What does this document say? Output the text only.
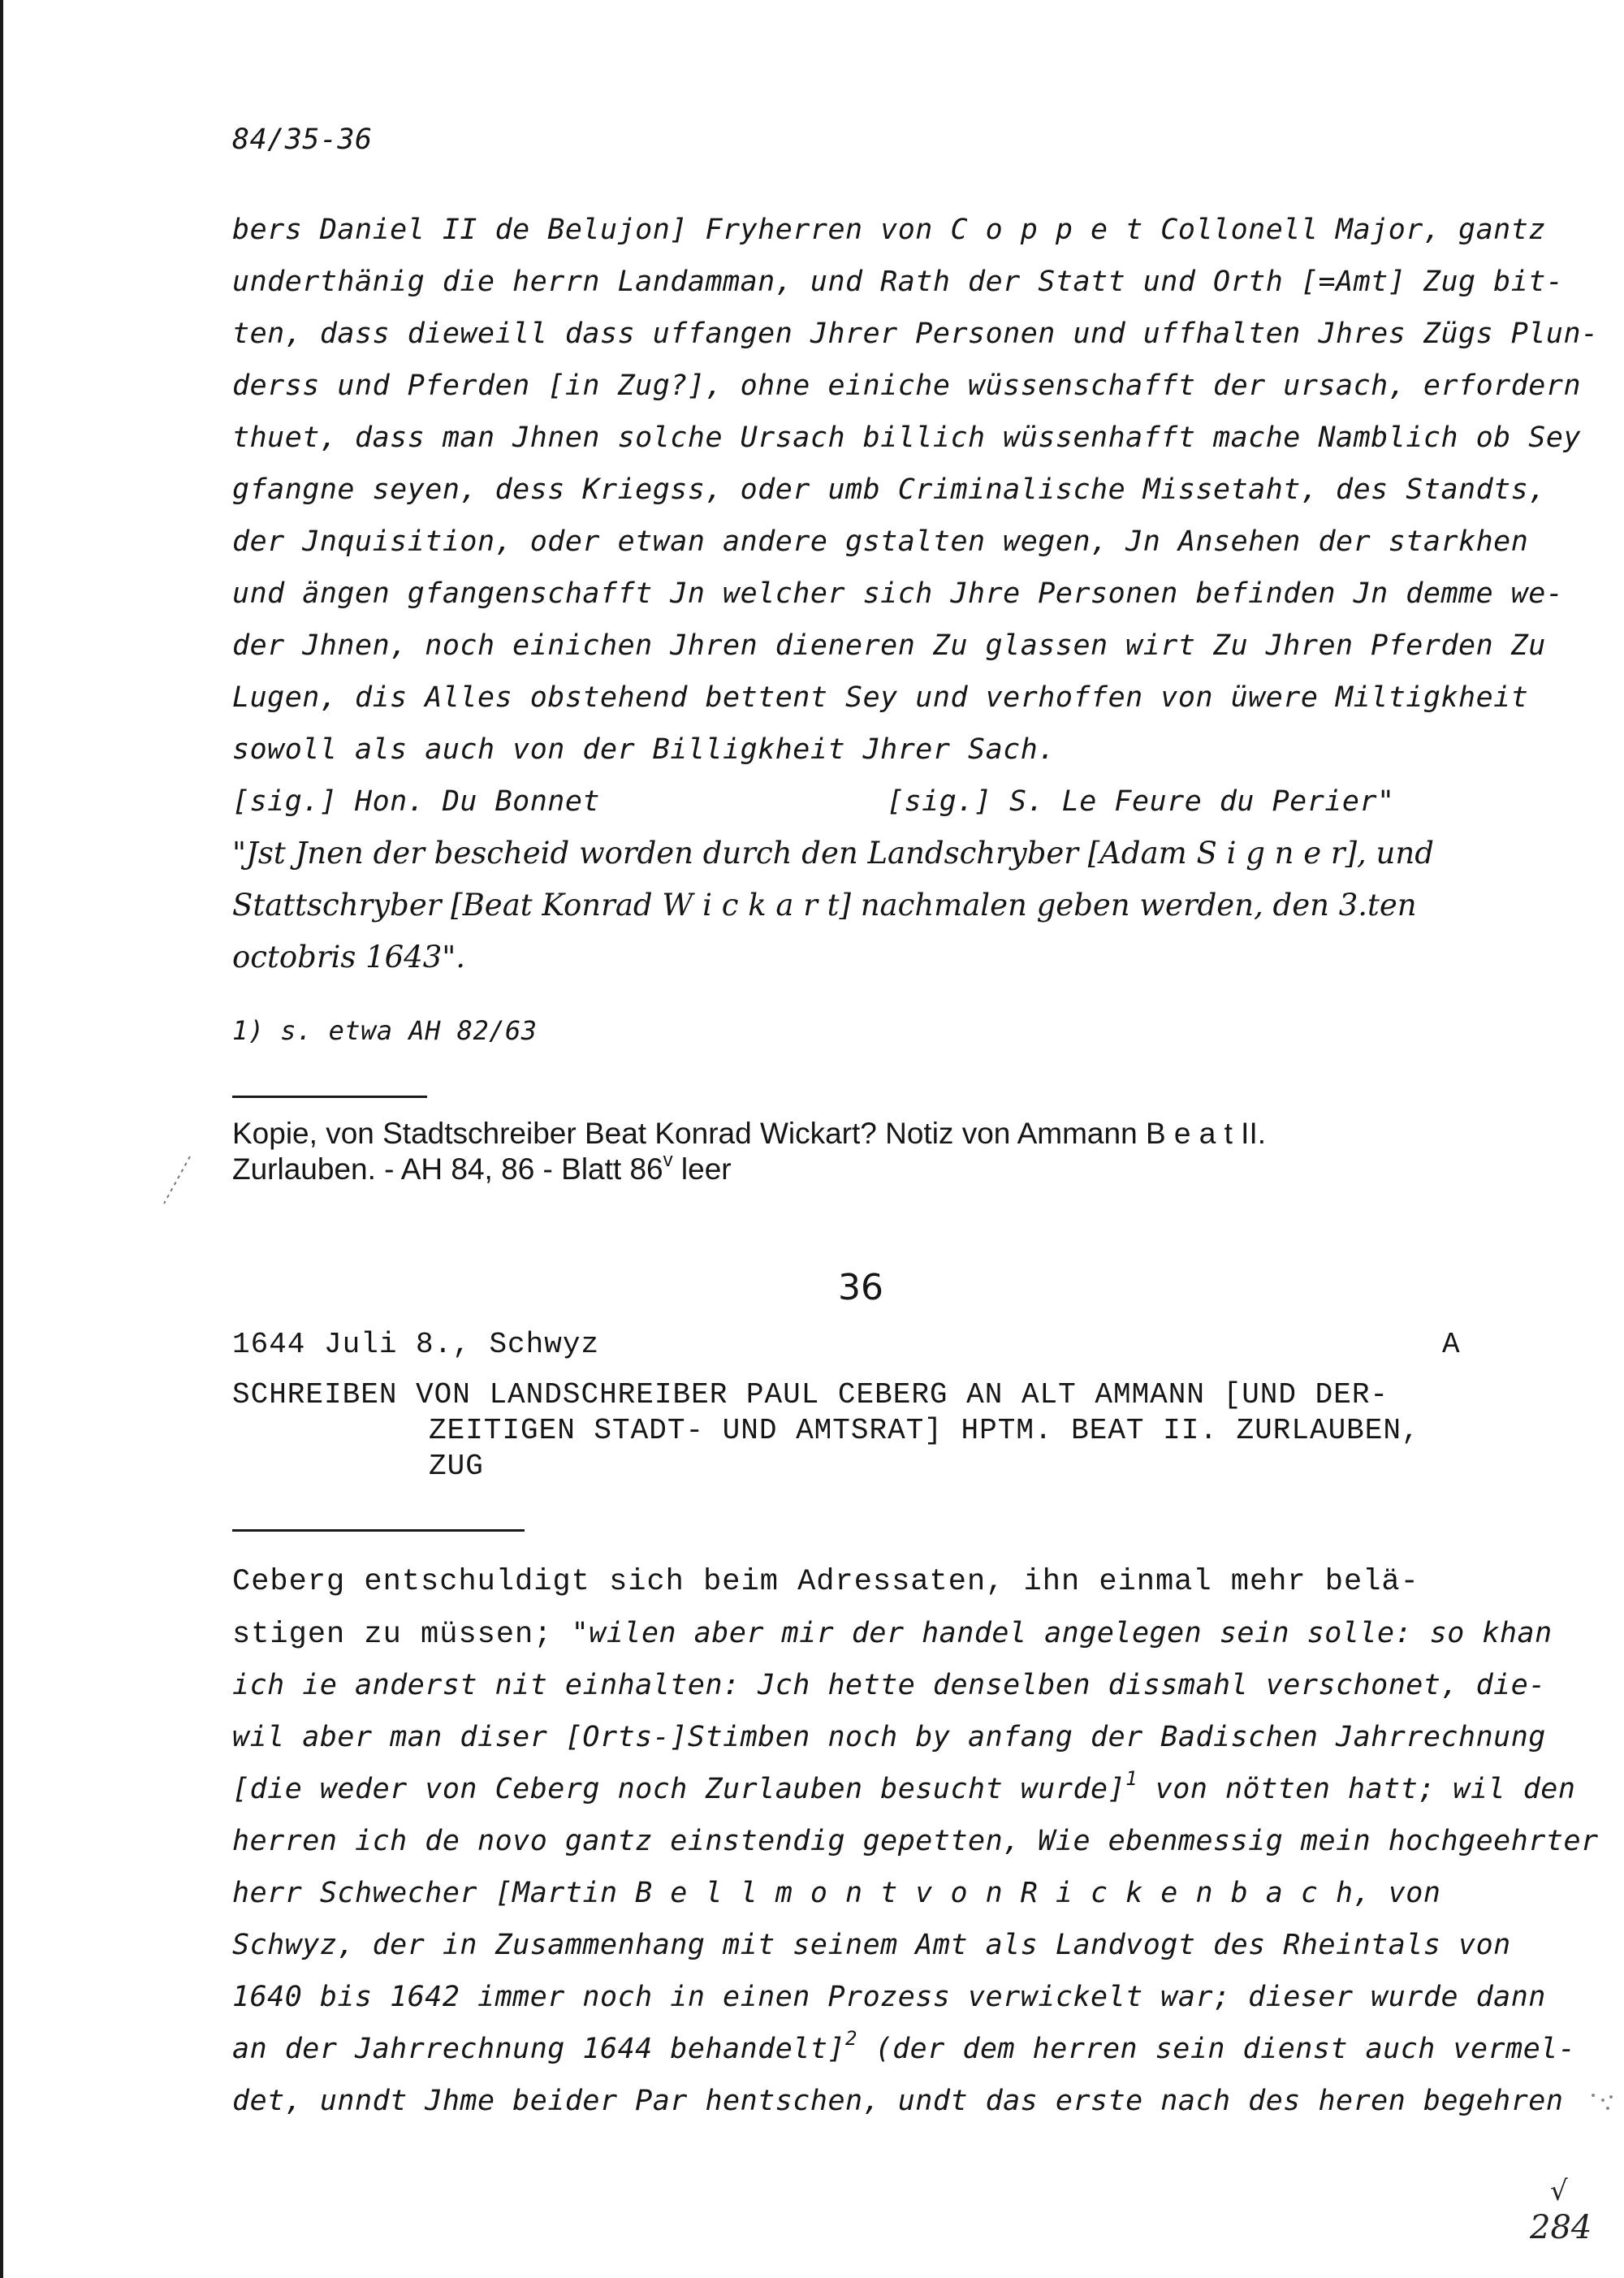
84/35-36
bers Daniel II de Belujon] Fryherren von C o p p e t Collonell Major, gantz
underthänig die herrn Landamman, und Rath der Statt und Orth [=Amt] Zug bit-
ten, dass dieweill dass uffangen Jhrer Personen und uffhalten Jhres Zügs Plun-
derss und Pferden [in Zug?], ohne einiche wüssenschafft der ursach, erfordern
thuet, dass man Jhnen solche Ursach billich wüssenhafft mache Namblich ob Sey
gfangne seyen, dess Kriegss, oder umb Criminalische Missetaht, des Standts,
der Jnquisition, oder etwan andere gstalten wegen, Jn Ansehen der starkhen
und ängen gfangenschafft Jn welcher sich Jhre Personen befinden Jn demme we-
der Jhnen, noch einichen Jhren dieneren Zu glassen wirt Zu Jhren Pferden Zu
Lugen, dis Alles obstehend bettent Sey und verhoffen von üwere Miltigkheit
sowoll als auch von der Billigkheit Jhrer Sach.
[sig.] Hon. Du Bonnet	[sig.] S. Le Feure du Perier"
"Jst Jnen der bescheid worden durch den Landschryber [Adam S i g n e r], und
Stattschryber [Beat Konrad W i c k a r t] nachmalen geben werden, den 3.ten
octobris 1643".
1) s. etwa AH 82/63
Kopie, von Stadtschreiber Beat Konrad Wickart? Notiz von Ammann B e a t II.
Zurlauben. - AH 84, 86 - Blatt 86$^v$ leer
36
1644 Juli 8., Schwyz	A
SCHREIBEN VON LANDSCHREIBER PAUL CEBERG AN ALT AMMANN [UND DER-
ZEITIGEN STADT- UND AMTSRAT] HPTM. BEAT II. ZURLAUBEN,
ZUG
Ceberg entschuldigt sich beim Adressaten, ihn einmal mehr belä-
stigen zu müssen; "wilen aber mir der handel angelegen sein solle: so khan
ich ie anderst nit einhalten: Jch hette denselben dissmahl verschonet, die-
wil aber man diser [Orts-]Stimben noch by anfang der Badischen Jahrrechnung
[die weder von Ceberg noch Zurlauben besucht wurde]$^1$ von nötten hatt; wil den
herren ich de novo gantz einstendig gepetten, Wie ebenmessig mein hochgeehrter
herr Schwecher [Martin B e l l m o n t v o n R i c k e n b a c h, von
Schwyz, der in Zusammenhang mit seinem Amt als Landvogt des Rheintals von
1640 bis 1642 immer noch in einen Prozess verwickelt war; dieser wurde dann
an der Jahrrechnung 1644 behandelt]$^2$ (der dem herren sein dienst auch vermel-
det, unndt Jhme beider Par hentschen, undt das erste nach des heren begehren
√
284
